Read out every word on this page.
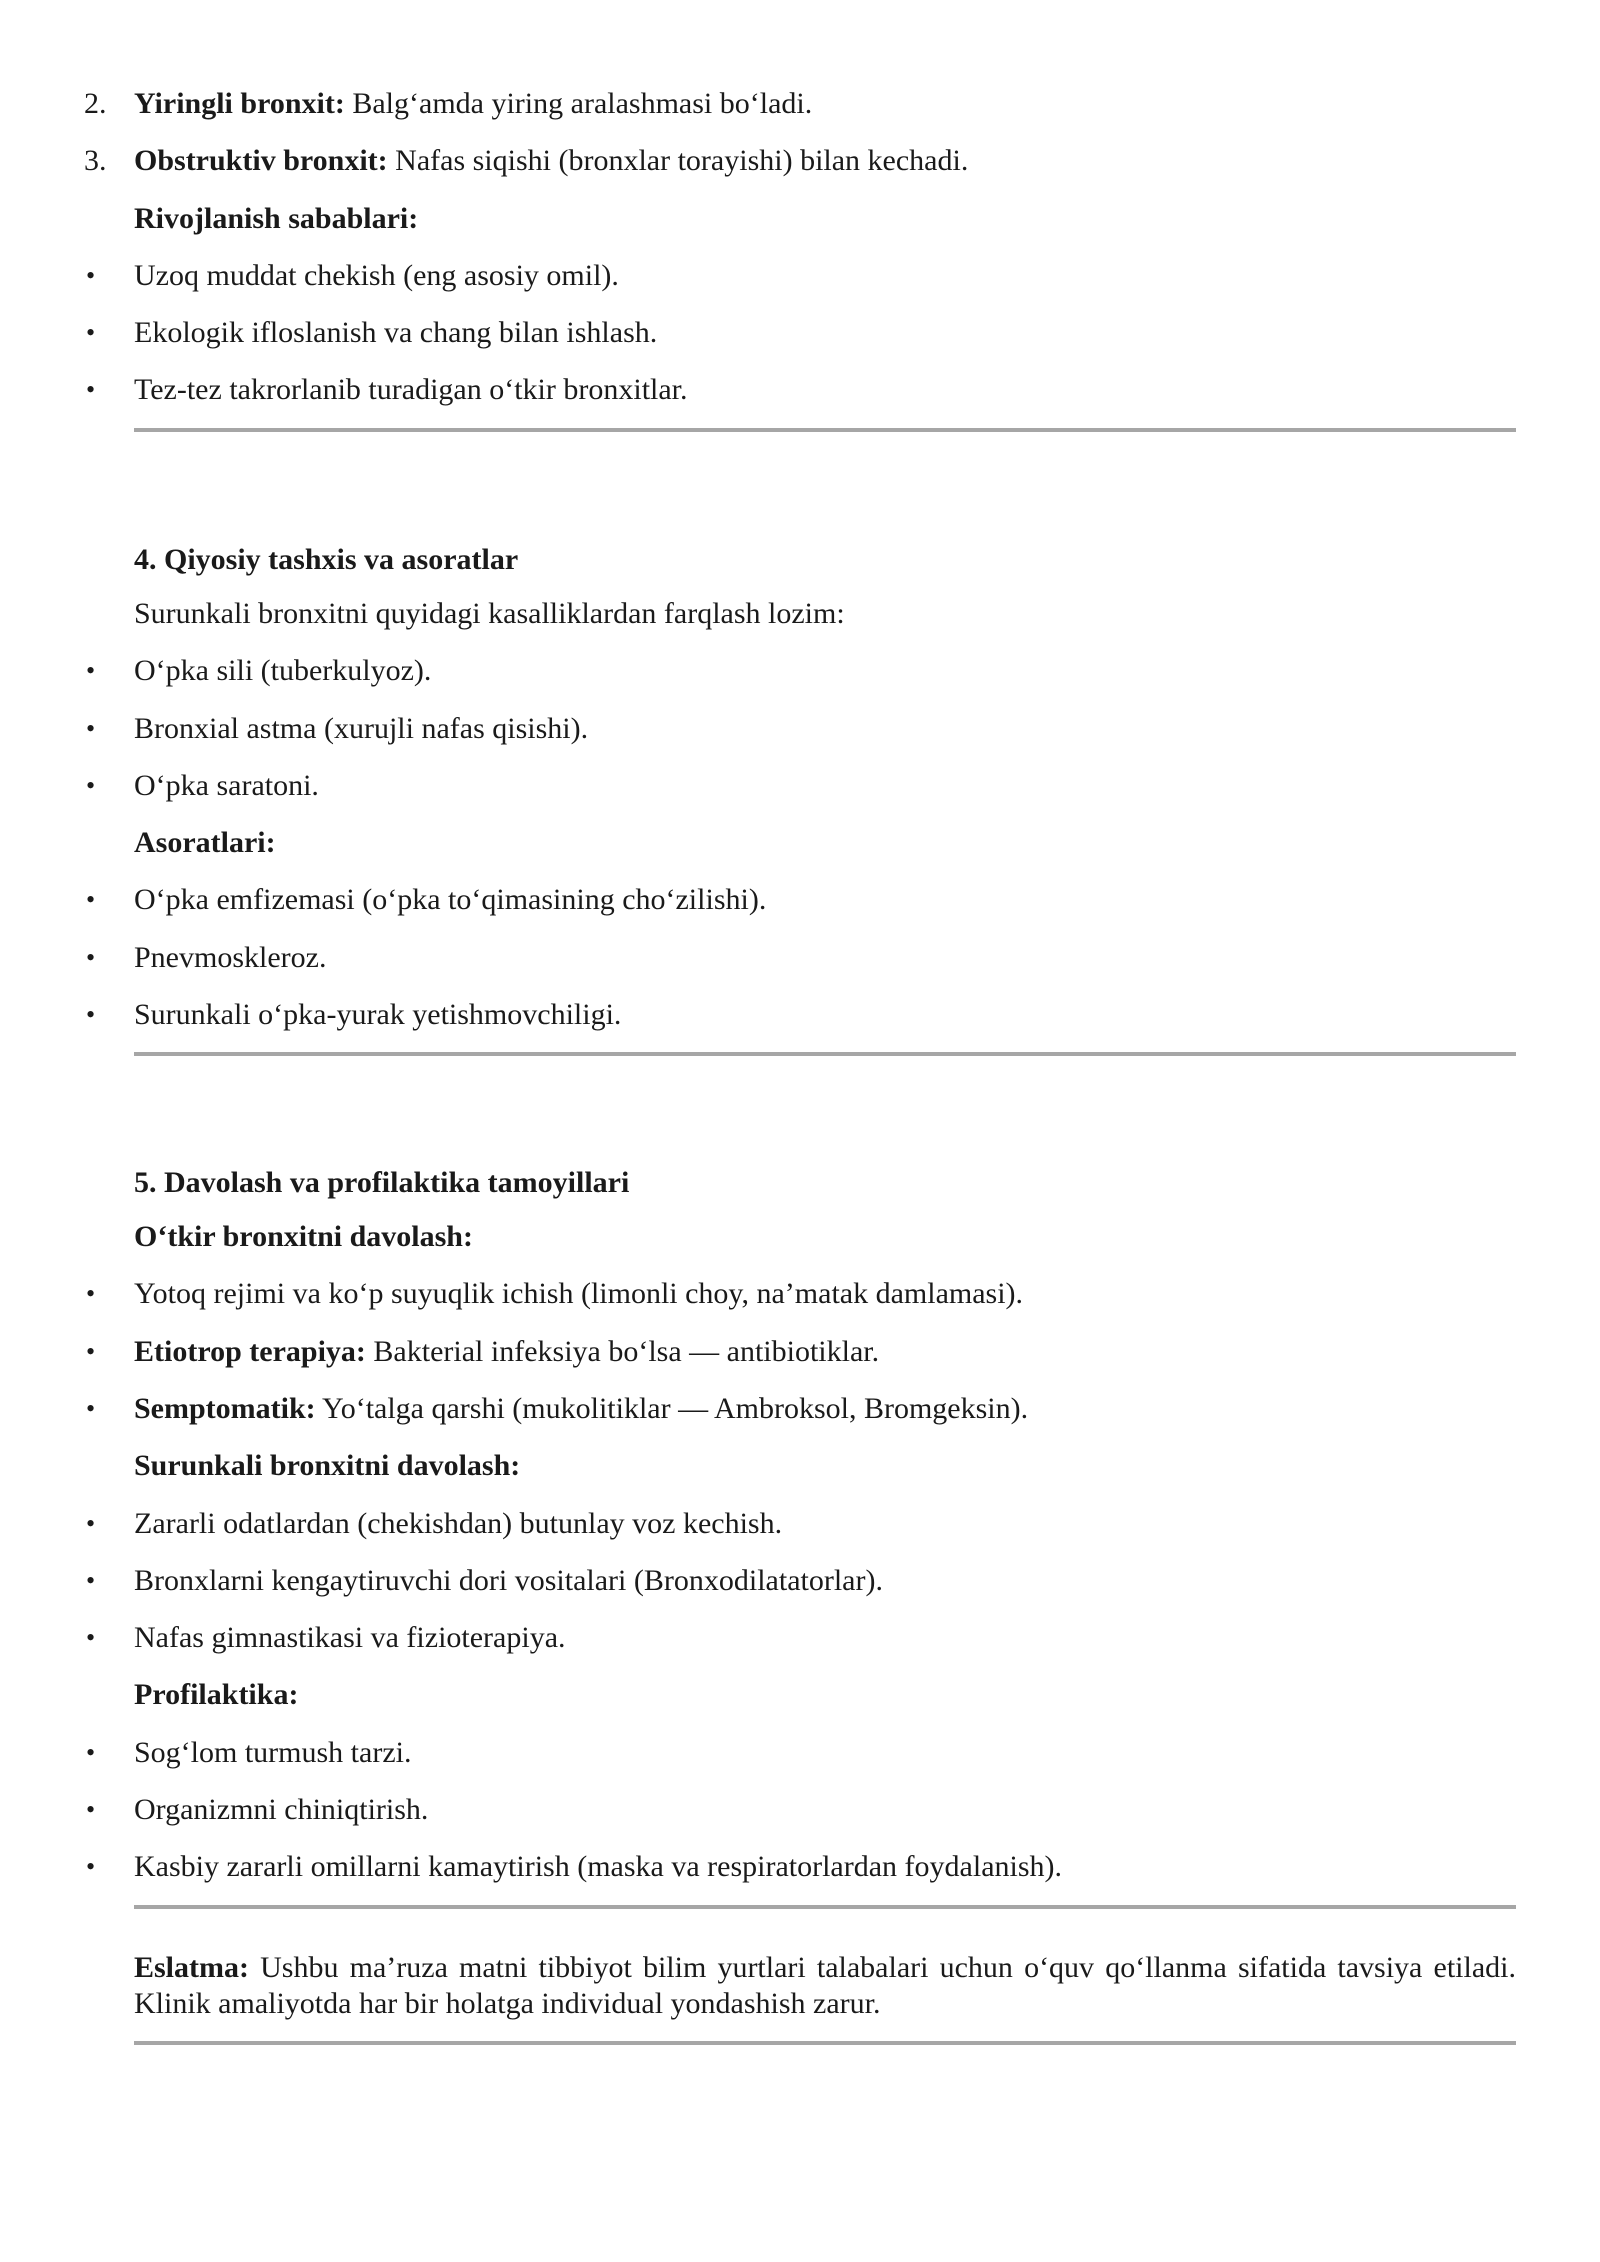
2. Yiringli bronxit: Balg‘amda yiring aralashmasi bo‘ladi.
3. Obstruktiv bronxit: Nafas siqishi (bronxlar torayishi) bilan kechadi.
Rivojlanish sabablari:
• Uzoq muddat chekish (eng asosiy omil).
• Ekologik ifloslanish va chang bilan ishlash.
• Tez-tez takrorlanib turadigan o‘tkir bronxitlar.
4. Qiyosiy tashxis va asoratlar
Surunkali bronxitni quyidagi kasalliklardan farqlash lozim:
• O‘pka sili (tuberkulyoz).
• Bronxial astma (xurujli nafas qisishi).
• O‘pka saratoni.
Asoratlari:
• O‘pka emfizemasi (o‘pka to‘qimasining cho‘zilishi).
• Pnevmoskleroz.
• Surunkali o‘pka-yurak yetishmovchiligi.
5. Davolash va profilaktika tamoyillari
O‘tkir bronxitni davolash:
• Yotoq rejimi va ko‘p suyuqlik ichish (limonli choy, na’matak damlamasi).
• Etiotrop terapiya: Bakterial infeksiya bo‘lsa — antibiotiklar.
• Semptomatik: Yo‘talga qarshi (mukolitiklar — Ambroksol, Bromgeksin).
Surunkali bronxitni davolash:
• Zararli odatlardan (chekishdan) butunlay voz kechish.
• Bronxlarni kengaytiruvchi dori vositalari (Bronxodilatatorlar).
• Nafas gimnastikasi va fizioterapiya.
Profilaktika:
• Sog‘lom turmush tarzi.
• Organizmni chiniqtirish.
• Kasbiy zararli omillarni kamaytirish (maska va respiratorlardan foydalanish).
Eslatma: Ushbu ma’ruza matni tibbiyot bilim yurtlari talabalari uchun o‘quv qo‘llanma sifatida tavsiya etiladi. Klinik amaliyotda har bir holatga individual yondashish zarur.
